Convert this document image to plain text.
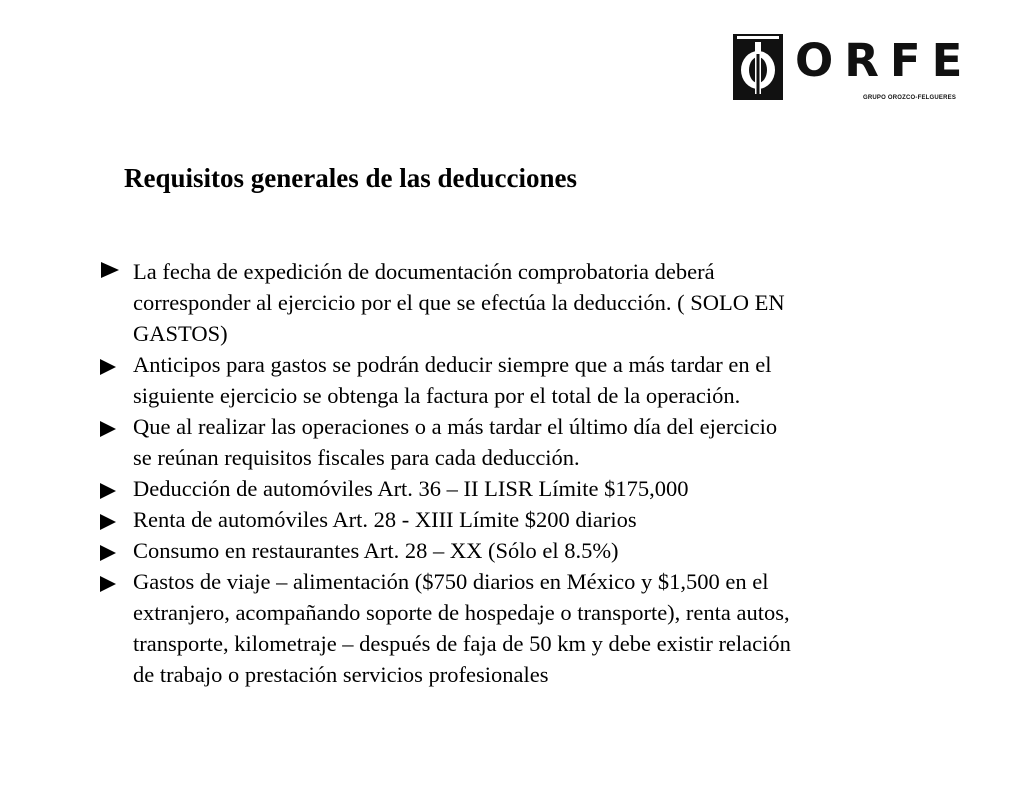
ORFE
GRUPO OROZCO-FELGUERES
Requisitos generales de las deducciones
La fecha de expedición de documentación comprobatoria deberá
corresponder al ejercicio por el que se efectúa la deducción. ( SOLO EN
GASTOS)
Anticipos para gastos se podrán deducir siempre que a más tardar en el
siguiente ejercicio se obtenga la factura por el total de la operación.
Que al realizar las operaciones o a más tardar el último día del ejercicio
se reúnan requisitos fiscales para cada deducción.
Deducción de automóviles Art. 36 – II LISR Límite $175,000
Renta de automóviles Art. 28 - XIII Límite $200 diarios
Consumo en restaurantes Art. 28 – XX (Sólo el 8.5%)
Gastos de viaje – alimentación ($750 diarios en México y $1,500 en el
extranjero, acompañando soporte de hospedaje o transporte), renta autos,
transporte, kilometraje – después de faja de 50 km y debe existir relación
de trabajo o prestación servicios profesionales
